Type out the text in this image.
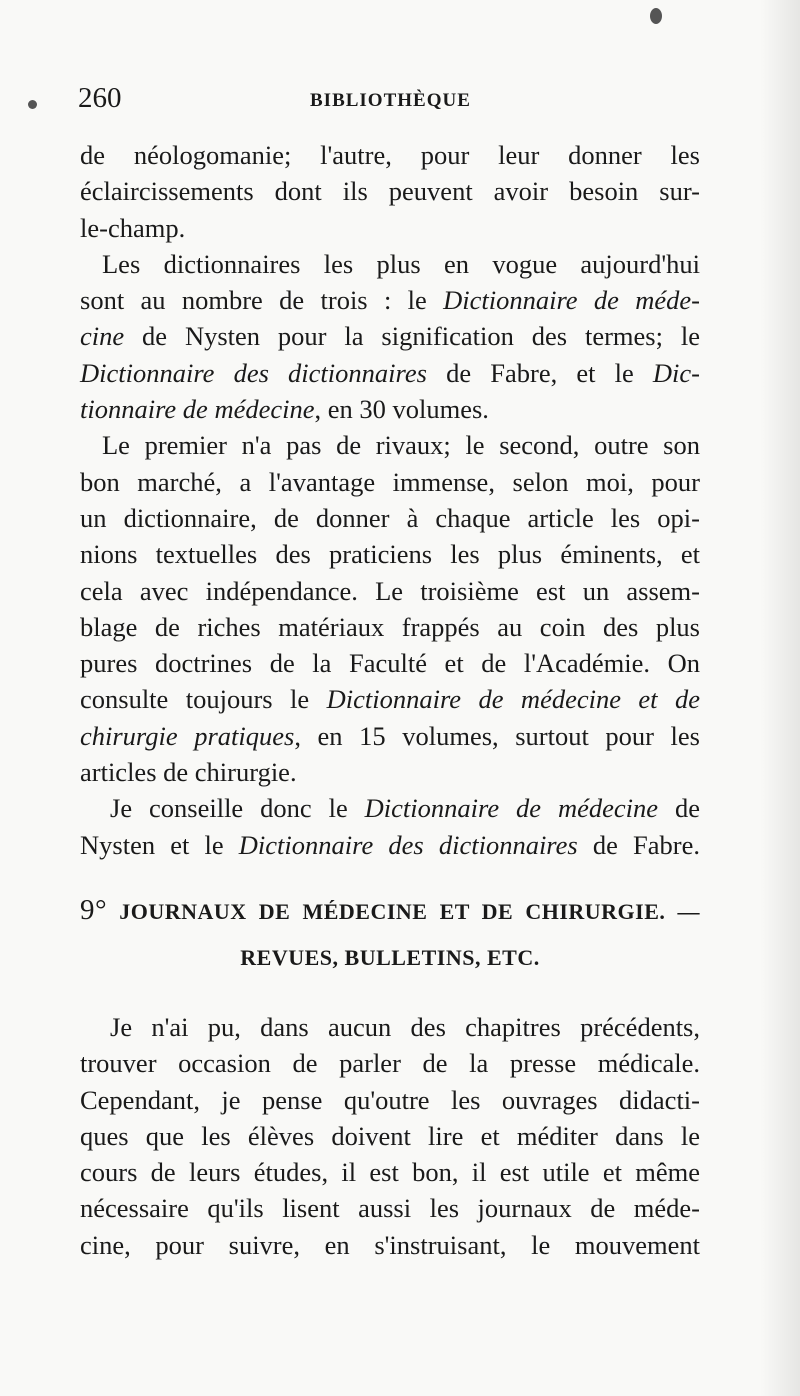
260	BIBLIOTHÈQUE
de néologomanie; l'autre, pour leur donner les
éclaircissements dont ils peuvent avoir besoin sur-
le-champ.
Les dictionnaires les plus en vogue aujourd'hui
sont au nombre de trois : le Dictionnaire de méde-
cine de Nysten pour la signification des termes; le
Dictionnaire des dictionnaires de Fabre, et le Dic-
tionnaire de médecine, en 30 volumes.
Le premier n'a pas de rivaux; le second, outre son
bon marché, a l'avantage immense, selon moi, pour
un dictionnaire, de donner à chaque article les opi-
nions textuelles des praticiens les plus éminents, et
cela avec indépendance. Le troisième est un assem-
blage de riches matériaux frappés au coin des plus
pures doctrines de la Faculté et de l'Académie. On
consulte toujours le Dictionnaire de médecine et de
chirurgie pratiques, en 15 volumes, surtout pour les
articles de chirurgie.
Je conseille donc le Dictionnaire de médecine de
Nysten et le Dictionnaire des dictionnaires de Fabre.
9° JOURNAUX DE MÉDECINE ET DE CHIRURGIE. —
REVUES, BULLETINS, ETC.
Je n'ai pu, dans aucun des chapitres précédents,
trouver occasion de parler de la presse médicale.
Cependant, je pense qu'outre les ouvrages didacti-
ques que les élèves doivent lire et méditer dans le
cours de leurs études, il est bon, il est utile et même
nécessaire qu'ils lisent aussi les journaux de méde-
cine, pour suivre, en s'instruisant, le mouvement
